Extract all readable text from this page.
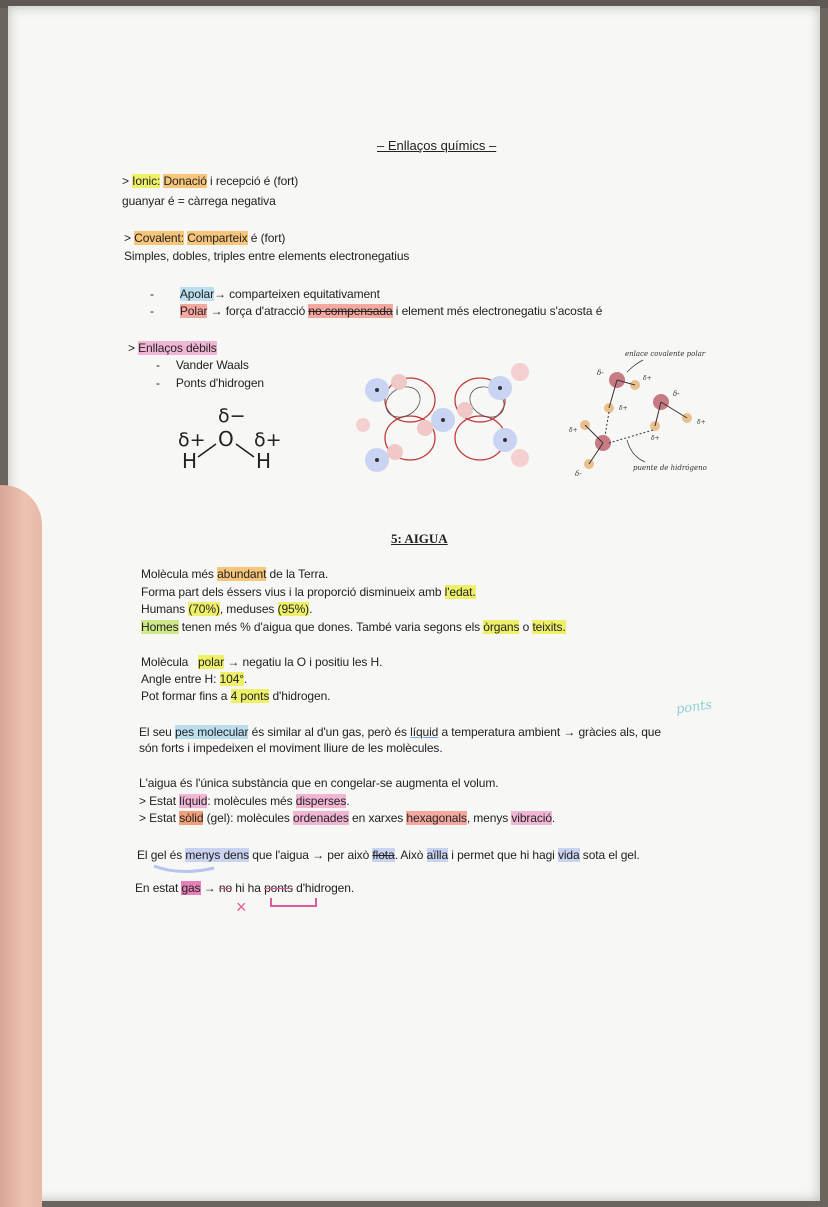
– Enllaços químics –
> Ionic: Donació i recepció é (fort)
guanyar é = càrrega negativa
> Covalent: Comparteix é (fort)
Simples, dobles, triples entre elements electronegatius
- Apolar→ comparteixen equitativament
- Polar → força d'atracció no compensada i element més electronegatiu s'acosta é
> Enllaços dèbils
- Vander Waals
- Ponts d'hidrogen
δ−
δ+ O δ+
H	H
enlace covalente polar
δ-
δ+
δ-
δ+
δ+
δ+
δ+
δ-
puente de hidrógeno
5: AIGUA
Molècula més abundant de la Terra.
Forma part dels éssers vius i la proporció disminueix amb l'edat.
Humans (70%), meduses (95%).
Homes tenen més % d'aigua que dones. També varia segons els òrgans o teixits.
Molècula   polar → negatiu la O i positiu les H.
Angle entre H: 104°.
Pot formar fins a 4 ponts d'hidrogen.
El seu pes molecular és similar al d'un gas, però és líquid a temperatura ambient → gràcies als, que
són forts i impedeixen el moviment lliure de les molècules.
ponts
L'aigua és l'única substància que en congelar-se augmenta el volum.
> Estat líquid: molècules més disperses.
> Estat sòlid (gel): molècules ordenades en xarxes hexagonals, menys vibració.
El gel és menys dens que l'aigua → per això flota. Això aïlla i permet que hi hagi vida sota el gel.
En estat gas → no hi ha ponts d'hidrogen.
×
